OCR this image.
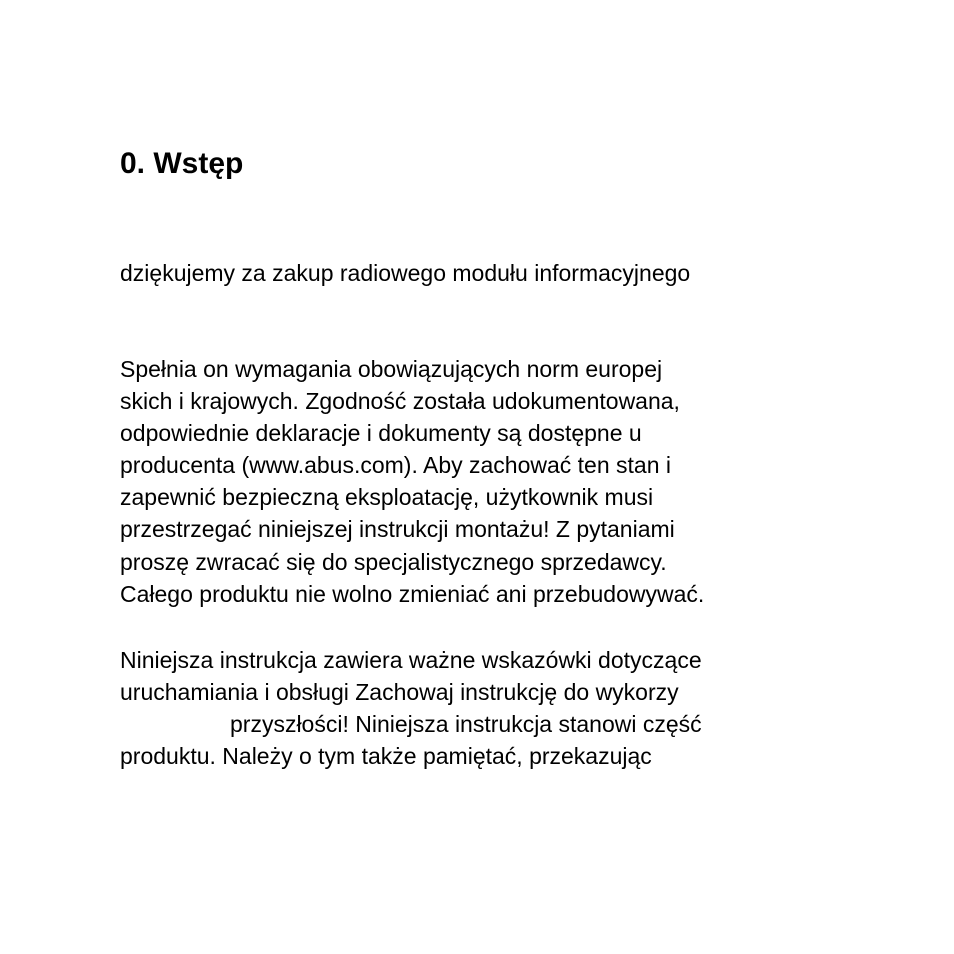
0. Wstęp

dziękujemy za zakup radiowego modułu informacyjnego

Spełnia on wymagania obowiązujących norm europej

skich i krajowych. Zgodność została udokumentowana,

odpowiednie deklaracje i dokumenty są dostępne u

producenta (www.abus.com). Aby zachować ten stan i

zapewnić bezpieczną eksploatację, użytkownik musi

przestrzegać niniejszej instrukcji montażu! Z pytaniami

proszę zwracać się do specjalistycznego sprzedawcy.

Całego produktu nie wolno zmieniać ani przebudowywać.

Niniejsza instrukcja zawiera ważne wskazówki dotyczące

uruchamiania i obsługi Zachowaj instrukcję do wykorzy

przyszłości! Niniejsza instrukcja stanowi część

produktu. Należy o tym także pamiętać, przekazując
